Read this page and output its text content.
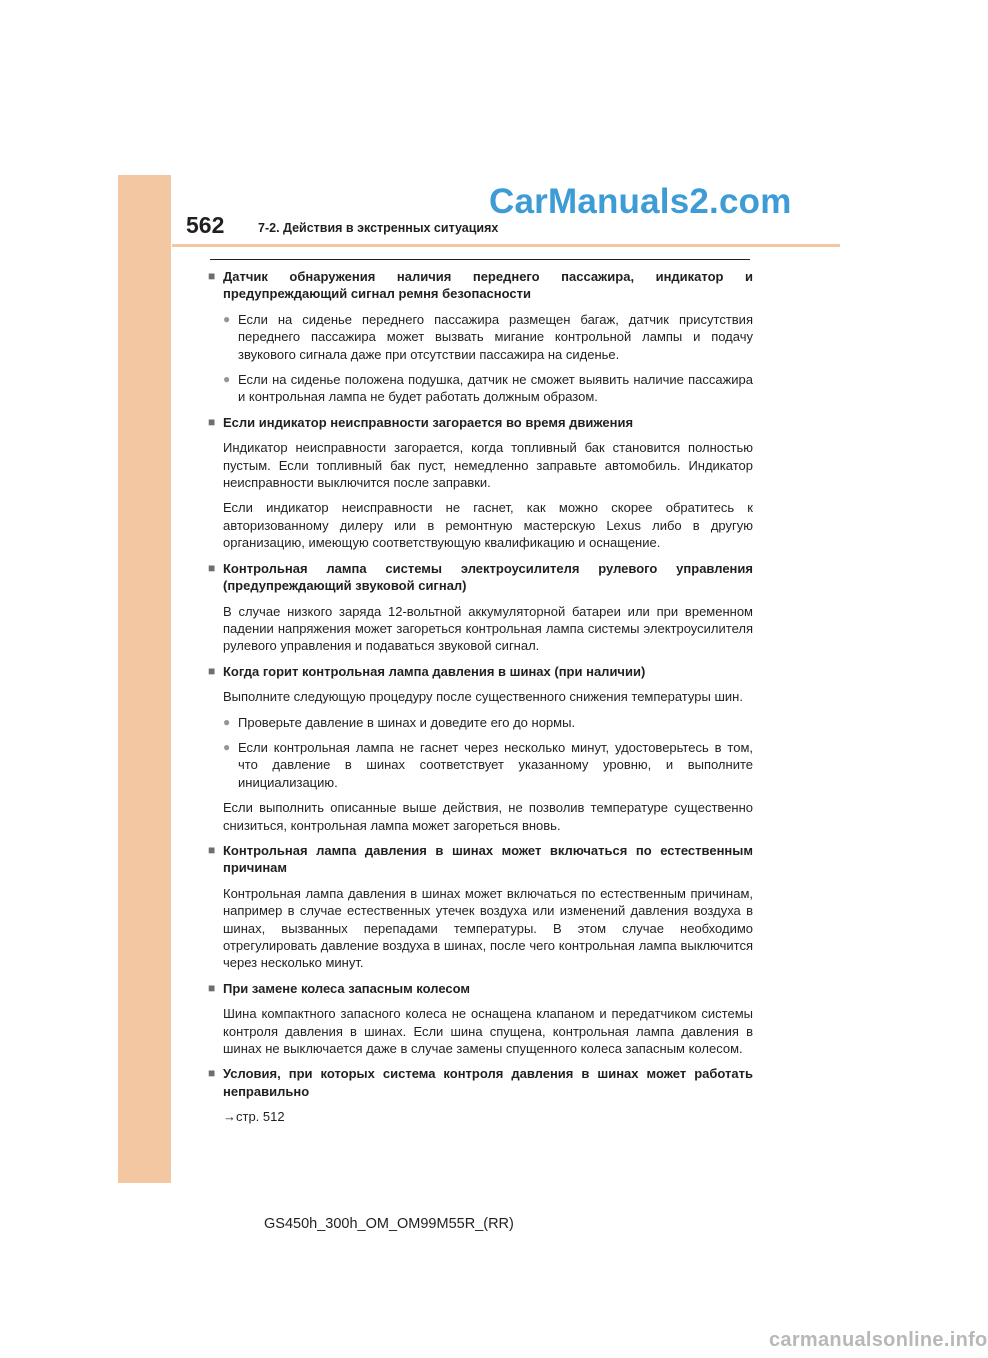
562	7-2. Действия в экстренных ситуациях
CarManuals2.com
■ Датчик обнаружения наличия переднего пассажира, индикатор и предупреждающий сигнал ремня безопасности
● Если на сиденье переднего пассажира размещен багаж, датчик присутствия переднего пассажира может вызвать мигание контрольной лампы и подачу звукового сигнала даже при отсутствии пассажира на сиденье.
● Если на сиденье положена подушка, датчик не сможет выявить наличие пассажира и контрольная лампа не будет работать должным образом.
■ Если индикатор неисправности загорается во время движения
Индикатор неисправности загорается, когда топливный бак становится полностью пустым. Если топливный бак пуст, немедленно заправьте автомобиль. Индикатор неисправности выключится после заправки.
Если индикатор неисправности не гаснет, как можно скорее обратитесь к авторизованному дилеру или в ремонтную мастерскую Lexus либо в другую организацию, имеющую соответствующую квалификацию и оснащение.
■ Контрольная лампа системы электроусилителя рулевого управления (предупреждающий звуковой сигнал)
В случае низкого заряда 12-вольтной аккумуляторной батареи или при временном падении напряжения может загореться контрольная лампа системы электроусилителя рулевого управления и подаваться звуковой сигнал.
■ Когда горит контрольная лампа давления в шинах (при наличии)
Выполните следующую процедуру после существенного снижения температуры шин.
● Проверьте давление в шинах и доведите его до нормы.
● Если контрольная лампа не гаснет через несколько минут, удостоверьтесь в том, что давление в шинах соответствует указанному уровню, и выполните инициализацию.
Если выполнить описанные выше действия, не позволив температуре существенно снизиться, контрольная лампа может загореться вновь.
■ Контрольная лампа давления в шинах может включаться по естественным причинам
Контрольная лампа давления в шинах может включаться по естественным причинам, например в случае естественных утечек воздуха или изменений давления воздуха в шинах, вызванных перепадами температуры. В этом случае необходимо отрегулировать давление воздуха в шинах, после чего контрольная лампа выключится через несколько минут.
■ При замене колеса запасным колесом
Шина компактного запасного колеса не оснащена клапаном и передатчиком системы контроля давления в шинах. Если шина спущена, контрольная лампа давления в шинах не выключается даже в случае замены спущенного колеса запасным колесом.
■ Условия, при которых система контроля давления в шинах может работать неправильно
→стр. 512
GS450h_300h_OM_OM99M55R_(RR)
carmanualsonline.info
